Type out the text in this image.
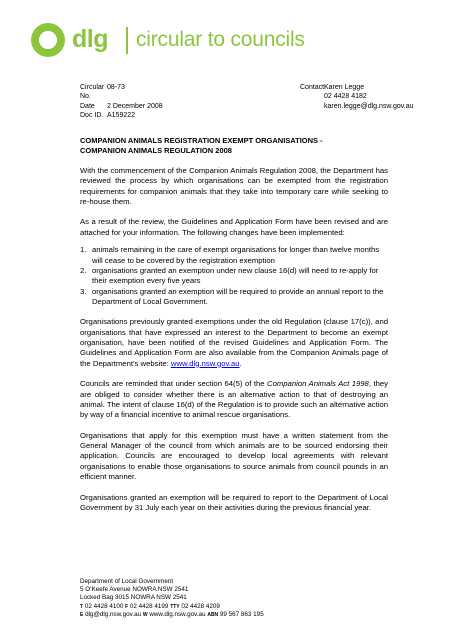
dlg circular to councils
Circular No.
08-73
Date	2 December 2008
Doc ID. A159222
Contact Karen Legge
02 4428 4182
karen.legge@dlg.nsw.gov.au
COMPANION ANIMALS REGISTRATION EXEMPT ORGANISATIONS -
COMPANION ANIMALS REGULATION 2008

With the commencement of the Companion Animals Regulation 2008, the Department has reviewed the process by which organisations can be exempted from the registration requirements for companion animals that they take into temporary care while seeking to re-house them.

As a result of the review, the Guidelines and Application Form have been revised and are attached for your information. The following changes have been implemented:

1. animals remaining in the care of exempt organisations for longer than twelve months will cease to be covered by the registration exemption
2. organisations granted an exemption under new clause 16(d) will need to re-apply for their exemption every five years
3. organisations granted an exemption will be required to provide an annual report to the Department of Local Government.

Organisations previously granted exemptions under the old Regulation (clause 17(c)), and organisations that have expressed an interest to the Department to become an exempt organisation, have been notified of the revised Guidelines and Application Form. The Guidelines and Application Form are also available from the Companion Animals page of the Department’s website: www.dlg.nsw.gov.au.

Councils are reminded that under section 64(5) of the Companion Animals Act 1998, they are obliged to consider whether there is an alternative action to that of destroying an animal. The intent of clause 16(d) of the Regulation is to provide such an alternative action by way of a financial incentive to animal rescue organisations.

Organisations that apply for this exemption must have a written statement from the General Manager of the council from which animals are to be sourced endorsing their application. Councils are encouraged to develop local agreements with relevant organisations to enable those organisations to source animals from council pounds in an efficient manner.

Organisations granted an exemption will be required to report to the Department of Local Government by 31 July each year on their activities during the previous financial year.

Department of Local Government
5 O’Keefe Avenue NOWRA NSW 2541
Locked Bag 3015 NOWRA NSW 2541
T 02 4428 4100 F 02 4428 4199 TTY 02 4428 4209
E dlg@dlg.nsw.gov.au W www.dlg.nsw.gov.au ABN 99 567 863 195
